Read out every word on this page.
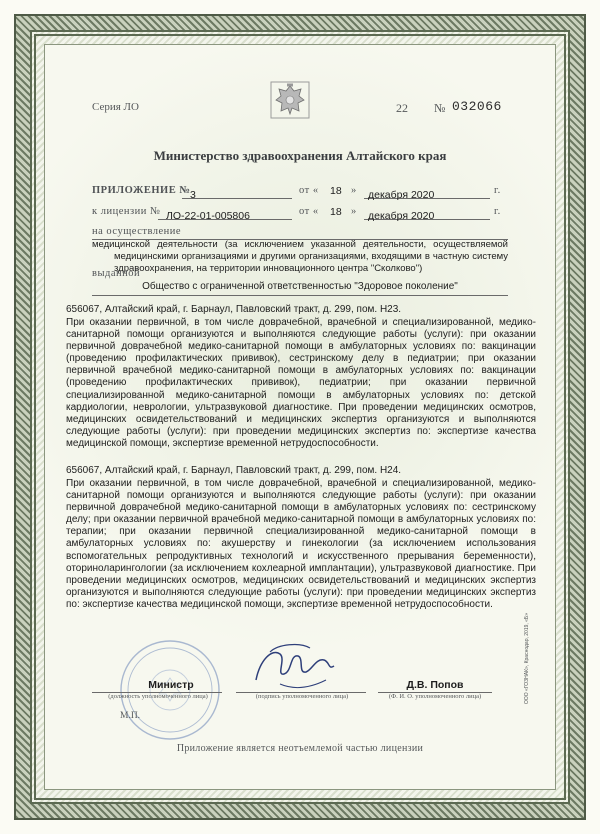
Серия ЛО	22 № 032066
Министерство здравоохранения Алтайского края
ПРИЛОЖЕНИЕ № 3	от « 18 »	декабря 2020	г.
к лицензии № ЛО-22-01-005806	от « 18 »	декабря 2020	г.
на осуществление
медицинской деятельности (за исключением указанной деятельности, осуществляемой медицинскими организациями и другими организациями, входящими в частную систему здравоохранения, на территории инновационного центра "Сколково")
выданной
Общество с ограниченной ответственностью "Здоровое поколение"
656067, Алтайский край, г. Барнаул, Павловский тракт, д. 299, пом. Н23.
При оказании первичной, в том числе доврачебной, врачебной и специализированной, медико-санитарной помощи организуются и выполняются следующие работы (услуги): при оказании первичной доврачебной медико-санитарной помощи в амбулаторных условиях по: вакцинации (проведению профилактических прививок), сестринскому делу в педиатрии; при оказании первичной врачебной медико-санитарной помощи в амбулаторных условиях по: вакцинации (проведению профилактических прививок), педиатрии; при оказании первичной специализированной медико-санитарной помощи в амбулаторных условиях по: детской кардиологии, неврологии, ультразвуковой диагностике. При проведении медицинских осмотров, медицинских освидетельствований и медицинских экспертиз организуются и выполняются следующие работы (услуги): при проведении медицинских экспертиз по: экспертизе качества медицинской помощи, экспертизе временной нетрудоспособности.
656067, Алтайский край, г. Барнаул, Павловский тракт, д. 299, пом. Н24.
При оказании первичной, в том числе доврачебной, врачебной и специализированной, медико-санитарной помощи организуются и выполняются следующие работы (услуги): при оказании первичной доврачебной медико-санитарной помощи в амбулаторных условиях по: сестринскому делу; при оказании первичной врачебной медико-санитарной помощи в амбулаторных условиях по: терапии; при оказании первичной специализированной медико-санитарной помощи в амбулаторных условиях по: акушерству и гинекологии (за исключением использования вспомогательных репродуктивных технологий и искусственного прерывания беременности), оториноларингологии (за исключением кохлеарной имплантации), ультразвуковой диагностике. При проведении медицинских осмотров, медицинских освидетельствований и медицинских экспертиз организуются и выполняются следующие работы (услуги): при проведении медицинских экспертиз по: экспертизе качества медицинской помощи, экспертизе временной нетрудоспособности.
Министр
(должность уполномоченного лица)	(подпись уполномоченного лица)
Д.В. Попов
(Ф. И. О. уполномоченного лица)
М.П.
Приложение является неотъемлемой частью лицензии
ООО «ГОЗНАК», Краснодар, 2019, «Б»
